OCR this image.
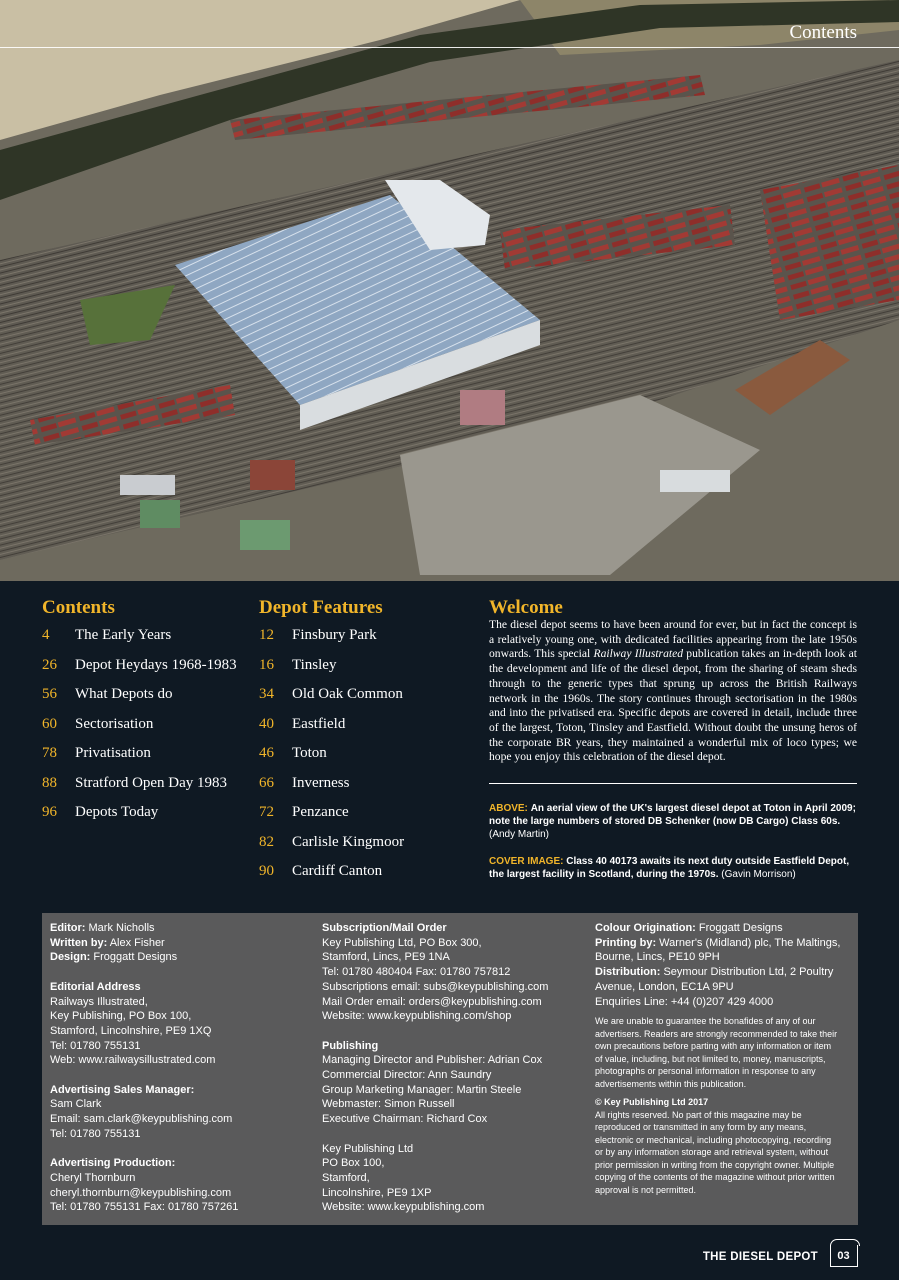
Contents
Contents
4	The Early Years
26	Depot Heydays 1968-1983
56	What Depots do
60	Sectorisation
78	Privatisation
88	Stratford Open Day 1983
96	Depots Today
Depot Features
12	Finsbury Park
16	Tinsley
34	Old Oak Common
40	Eastfield
46	Toton
66	Inverness
72	Penzance
82	Carlisle Kingmoor
90	Cardiff Canton
Welcome
The diesel depot seems to have been around for ever, but in fact the concept is a relatively young one, with dedicated facilities appearing from the late 1950s onwards. This special Railway Illustrated publication takes an in-depth look at the development and life of the diesel depot, from the sharing of steam sheds through to the generic types that sprung up across the British Railways network in the 1960s. The story continues through sectorisation in the 1980s and into the privatised era. Specific depots are covered in detail, include three of the largest, Toton, Tinsley and Eastfield. Without doubt the unsung heros of the corporate BR years, they maintained a wonderful mix of loco types; we hope you enjoy this celebration of the diesel depot.
ABOVE: An aerial view of the UK's largest diesel depot at Toton in April 2009; note the large numbers of stored DB Schenker (now DB Cargo) Class 60s. (Andy Martin)
COVER IMAGE: Class 40 40173 awaits its next duty outside Eastfield Depot, the largest facility in Scotland, during the 1970s. (Gavin Morrison)
Editor: Mark Nicholls
Written by: Alex Fisher
Design: Froggatt Designs
Editorial Address
Railways Illustrated,
Key Publishing, PO Box 100,
Stamford, Lincolnshire, PE9 1XQ
Tel: 01780 755131
Web: www.railwaysillustrated.com
Advertising Sales Manager:
Sam Clark
Email: sam.clark@keypublishing.com
Tel: 01780 755131
Advertising Production:
Cheryl Thornburn
cheryl.thornburn@keypublishing.com
Tel: 01780 755131 Fax: 01780 757261
Subscription/Mail Order
Key Publishing Ltd, PO Box 300,
Stamford, Lincs, PE9 1NA
Tel: 01780 480404 Fax: 01780 757812
Subscriptions email: subs@keypublishing.com
Mail Order email: orders@keypublishing.com
Website: www.keypublishing.com/shop
Publishing
Managing Director and Publisher: Adrian Cox
Commercial Director: Ann Saundry
Group Marketing Manager: Martin Steele
Webmaster: Simon Russell
Executive Chairman: Richard Cox
Key Publishing Ltd
PO Box 100,
Stamford,
Lincolnshire, PE9 1XP
Website: www.keypublishing.com
Colour Origination: Froggatt Designs
Printing by: Warner's (Midland) plc, The Maltings,
Bourne, Lincs, PE10 9PH
Distribution: Seymour Distribution Ltd, 2 Poultry
Avenue, London, EC1A 9PU
Enquiries Line: +44 (0)207 429 4000
We are unable to guarantee the bonafides of any of our
advertisers. Readers are strongly recommended to take their
own precautions before parting with any information or item
of value, including, but not limited to, money, manuscripts,
photographs or personal information in response to any
advertisements within this publication.
© Key Publishing Ltd 2017
All rights reserved. No part of this magazine may be
reproduced or transmitted in any form by any means,
electronic or mechanical, including photocopying, recording
or by any information storage and retrieval system, without
prior permission in writing from the copyright owner. Multiple
copying of the contents of the magazine without prior written
approval is not permitted.
THE DIESEL DEPOT	03
